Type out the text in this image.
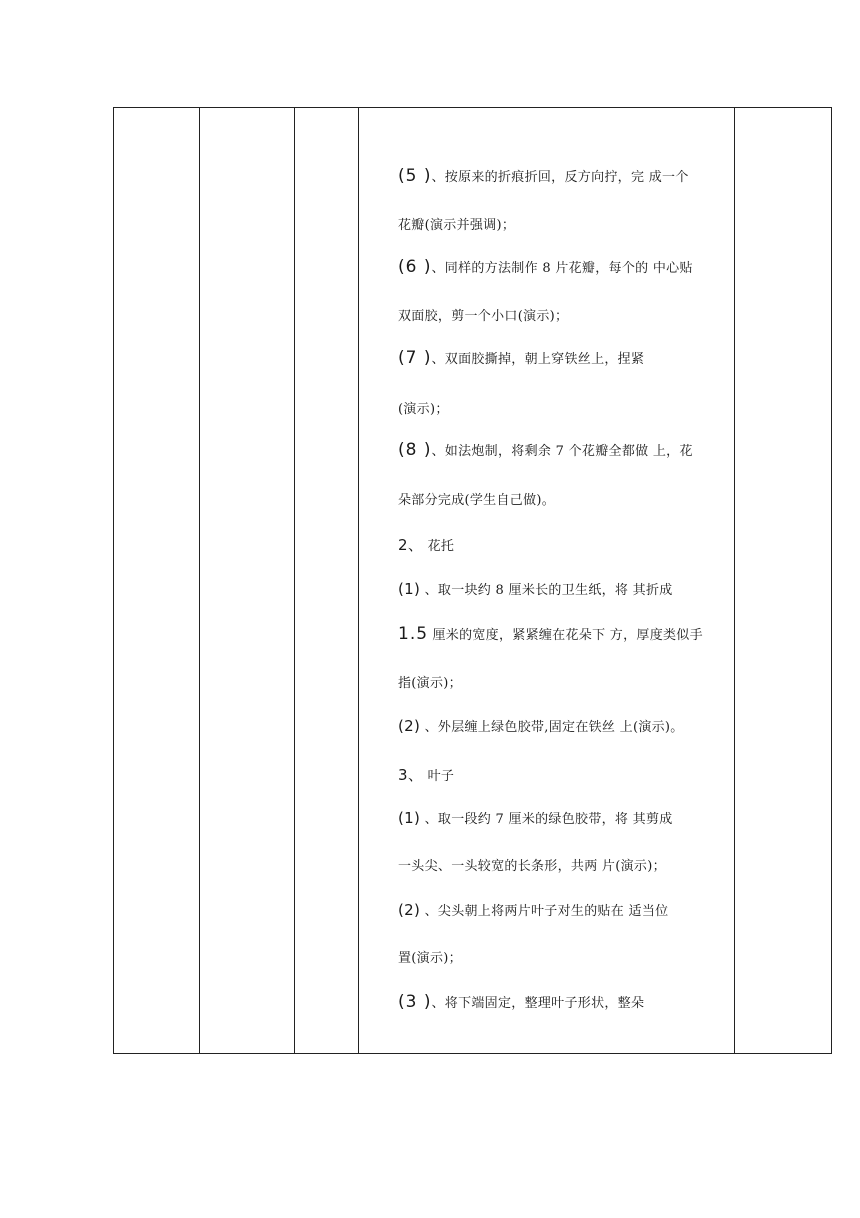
(5 )、按原来的折痕折回，反方向拧，完 成一个
花瓣(演示并强调)；
(6 )、同样的方法制作 8 片花瓣，每个的 中心贴
双面胶，剪一个小口(演示)；
(7 )、双面胶撕掉，朝上穿铁丝上，捏紧
(演示)；
(8 )、如法炮制，将剩余 7 个花瓣全都做 上，花
朵部分完成(学生自己做)。
2、 花托
(1) 、取一块约 8 厘米长的卫生纸，将 其折成
1.5 厘米的宽度，紧紧缠在花朵下 方，厚度类似手
指(演示)；
(2) 、外层缠上绿色胶带,固定在铁丝 上(演示)。
3、 叶子
(1) 、取一段约 7 厘米的绿色胶带，将 其剪成
一头尖、一头较宽的长条形，共两 片(演示)；
(2) 、尖头朝上将两片叶子对生的贴在 适当位
置(演示)；
(3 )、将下端固定，整理叶子形状，整朵
